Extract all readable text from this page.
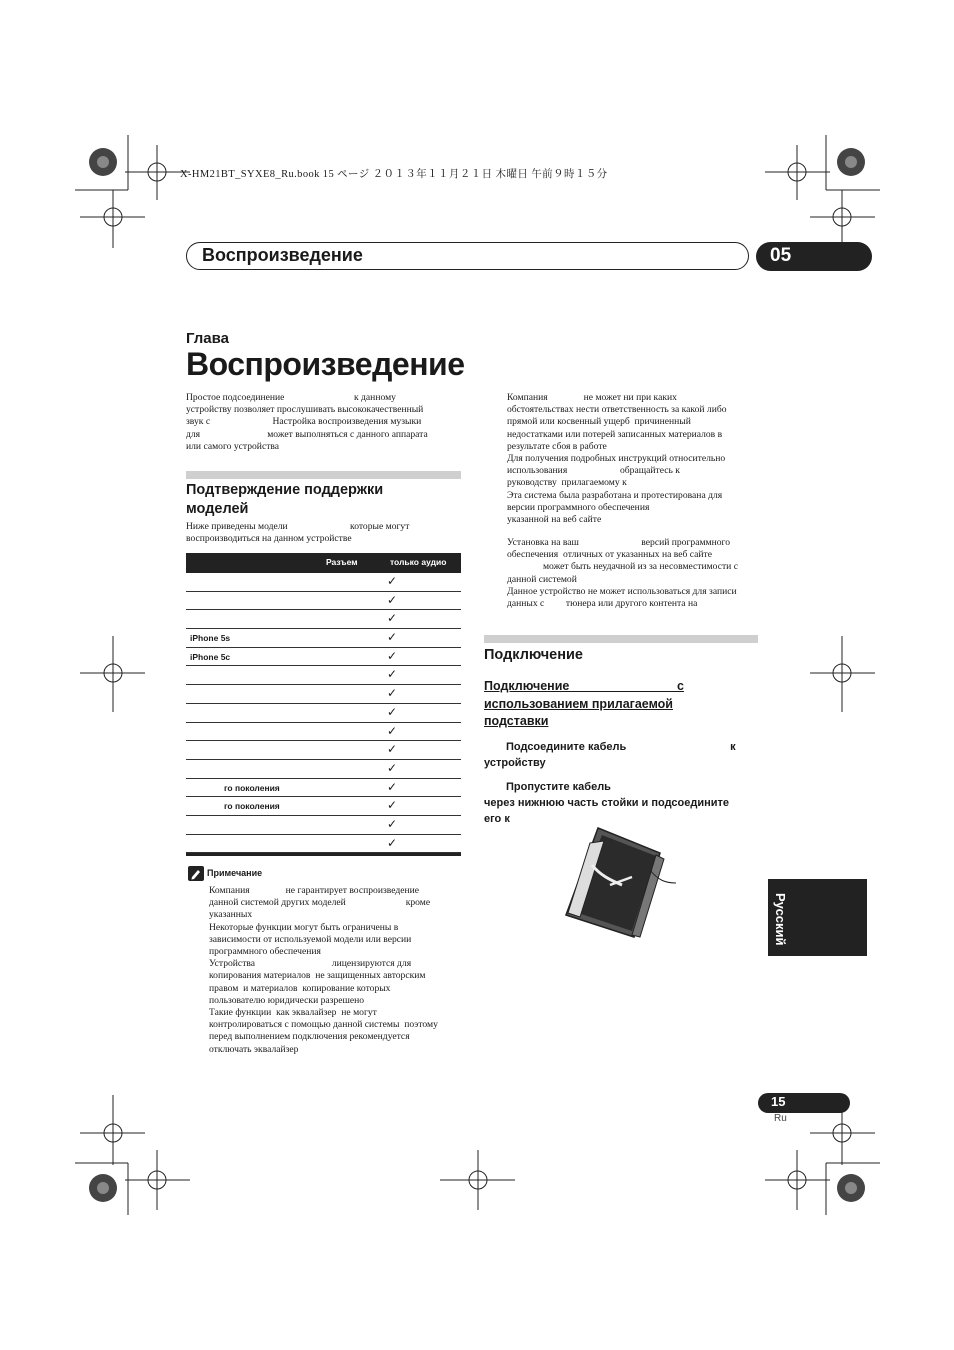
X-HM21BT_SYXE8_Ru.book 15 ページ ２０１３年１１月２１日 木曜日 午前９時１５分
Воспроизведение	05
Глава
Воспроизведение
Простое подсоединение                             к данному
устройству позволяет прослушивать высококачественный
звук с                          Настройка воспроизведения музыки
для                            может выполняться с данного аппарата
или самого устройства
Подтверждение поддержки
моделей
Ниже приведены модели                          которые могут
воспроизводиться на данном устройстве
Разъем	только аудио
✓
✓
✓
iPhone 5s	✓
iPhone 5c	✓
✓
✓
✓
✓
✓
✓
го поколения	✓
го поколения	✓
✓
✓
Примечание
Компания               не гарантирует воспроизведение
данной системой других моделей                         кроме
указанных
Некоторые функции могут быть ограничены в
зависимости от используемой модели или версии
программного обеспечения
Устройства                                лицензируются для
копирования материалов  не защищенных авторским
правом  и материалов  копирование которых
пользователю юридически разрешено
Такие функции  как эквалайзер  не могут
контролироваться с помощью данной системы  поэтому
перед выполнением подключения рекомендуется
отключать эквалайзер
Компания               не может ни при каких
обстоятельствах нести ответственность за какой либо
прямой или косвенный ущерб  причиненный
недостатками или потерей записанных материалов в
результате сбоя в работе
Для получения подробных инструкций относительно
использования                      обращайтесь к
руководству  прилагаемому к
Эта система была разработана и протестирована для
версии программного обеспечения
указанной на веб сайте
Установка на ваш                          версий программного
обеспечения  отличных от указанных на веб сайте
может быть неудачной из за несовместимости с
данной системой
Данное устройство не может использоваться для записи
данных с         тюнера или другого контента на
Подключение
Подключение                               с
использованием прилагаемой
подставки
Подсоедините кабель                                  к
устройству
Пропустите кабель
через нижнюю часть стойки и подсоедините
его к
Русский
15
Ru
